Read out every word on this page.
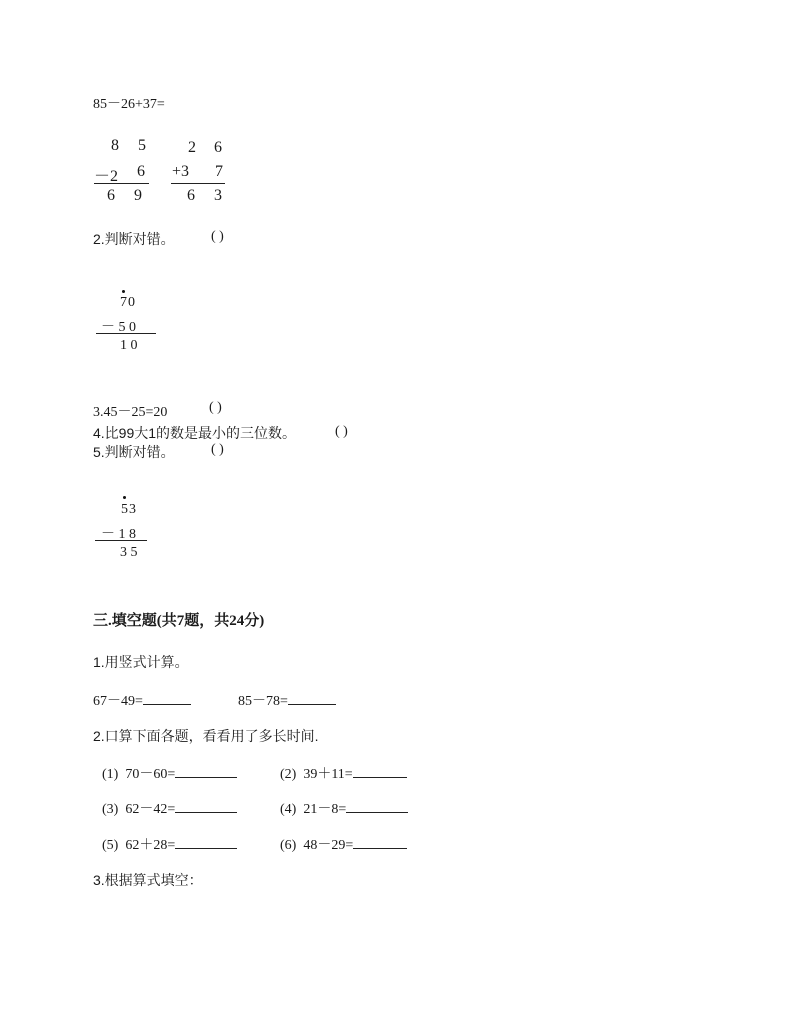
85－26+37=
8 5
－2 6
6 9
2 6
+3 7
6 3
2.判断对错。	( )
70
－ 5 0
1 0
3.45－25=20	( )
4.比99大1的数是最小的三位数。	( )
5.判断对错。	( )
53
－ 1 8
3 5
三.填空题(共7题，共24分)
1.用竖式计算。
67－49=	85－78=
2.口算下面各题，看看用了多长时间.
(1) 70－60=	(2) 39＋11=
(3) 62－42=	(4) 21－8=
(5) 62＋28=	(6) 48－29=
3.根据算式填空：
